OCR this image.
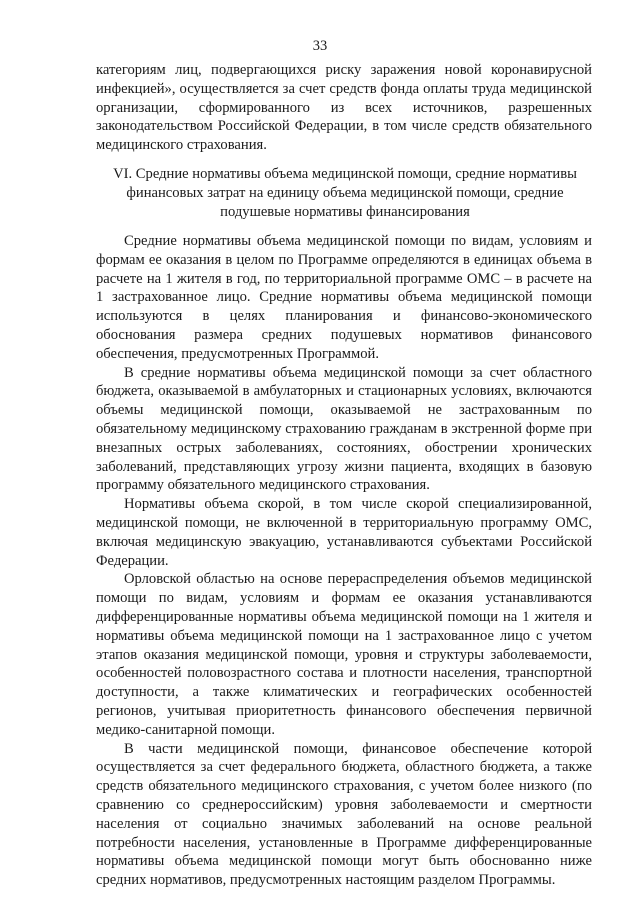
33

категориям лиц, подвергающихся риску заражения новой коронавирусной инфекцией», осуществляется за счет средств фонда оплаты труда медицинской организации, сформированного из всех источников, разрешенных законодательством Российской Федерации, в том числе средств обязательного медицинского страхования.

VI. Средние нормативы объема медицинской помощи, средние нормативы финансовых затрат на единицу объема медицинской помощи, средние подушевые нормативы финансирования

Средние нормативы объема медицинской помощи по видам, условиям и формам ее оказания в целом по Программе определяются в единицах объема в расчете на 1 жителя в год, по территориальной программе ОМС – в расчете на 1 застрахованное лицо. Средние нормативы объема медицинской помощи используются в целях планирования и финансово-экономического обоснования размера средних подушевых нормативов финансового обеспечения, предусмотренных Программой.

В средние нормативы объема медицинской помощи за счет областного бюджета, оказываемой в амбулаторных и стационарных условиях, включаются объемы медицинской помощи, оказываемой не застрахованным по обязательному медицинскому страхованию гражданам в экстренной форме при внезапных острых заболеваниях, состояниях, обострении хронических заболеваний, представляющих угрозу жизни пациента, входящих в базовую программу обязательного медицинского страхования.

Нормативы объема скорой, в том числе скорой специализированной, медицинской помощи, не включенной в территориальную программу ОМС, включая медицинскую эвакуацию, устанавливаются субъектами Российской Федерации.

Орловской областью на основе перераспределения объемов медицинской помощи по видам, условиям и формам ее оказания устанавливаются дифференцированные нормативы объема медицинской помощи на 1 жителя и нормативы объема медицинской помощи на 1 застрахованное лицо с учетом этапов оказания медицинской помощи, уровня и структуры заболеваемости, особенностей половозрастного состава и плотности населения, транспортной доступности, а также климатических и географических особенностей регионов, учитывая приоритетность финансового обеспечения первичной медико-санитарной помощи.

В части медицинской помощи, финансовое обеспечение которой осуществляется за счет федерального бюджета, областного бюджета, а также средств обязательного медицинского страхования, с учетом более низкого (по сравнению со среднероссийским) уровня заболеваемости и смертности населения от социально значимых заболеваний на основе реальной потребности населения, установленные в Программе дифференцированные нормативы объема медицинской помощи могут быть обоснованно ниже средних нормативов, предусмотренных настоящим разделом Программы.
